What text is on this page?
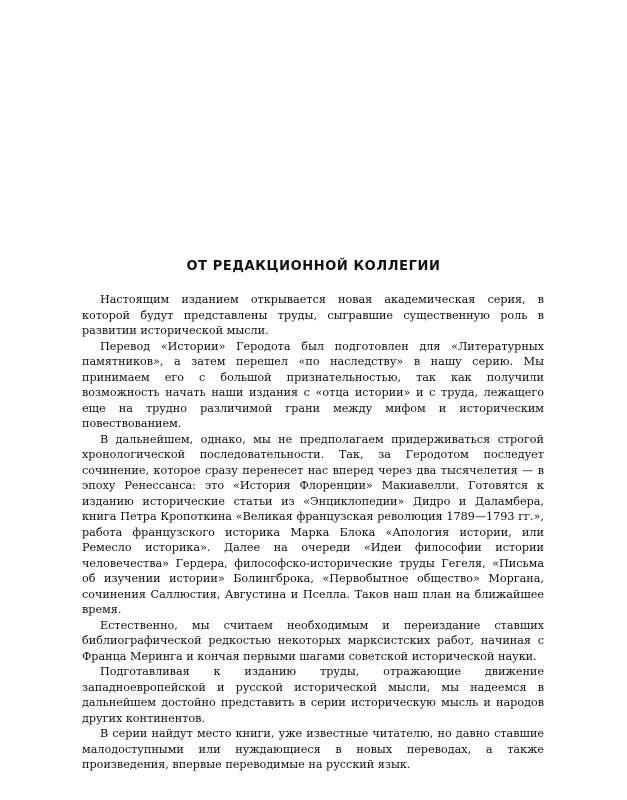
ОТ РЕДАКЦИОННОЙ КОЛЛЕГИИ

Настоящим изданием открывается новая академическая серия, в которой будут представлены труды, сыгравшие существенную роль в развитии исторической мысли.

Перевод «Истории» Геродота был подготовлен для «Литературных памятников», а затем перешел «по наследству» в нашу серию. Мы принимаем его с большой признательностью, так как получили возможность начать наши издания с «отца истории» и с труда, лежащего еще на трудно различимой грани между мифом и историческим повествованием.

В дальнейшем, однако, мы не предполагаем придерживаться строгой хронологической последовательности. Так, за Геродотом последует сочинение, которое сразу перенесет нас вперед через два тысячелетия — в эпоху Ренессанса: это «История Флоренции» Макиавелли. Готовятся к изданию исторические статьи из «Энциклопедии» Дидро и Даламбера, книга Петра Кропоткина «Великая французская революция 1789—1793 гг.», работа французского историка Марка Блока «Апология истории, или Ремесло историка». Далее на очереди «Идеи философии истории человечества» Гердера, философско-исторические труды Гегеля, «Письма об изучении истории» Болингброка, «Первобытное общество» Моргана, сочинения Саллюстия, Августина и Пселла. Таков наш план на ближайшее время.

Естественно, мы считаем необходимым и переиздание ставших библиографической редкостью некоторых марксистских работ, начиная с Франца Меринга и кончая первыми шагами советской исторической науки.

Подготавливая к изданию труды, отражающие движение западноевропейской и русской исторической мысли, мы надеемся в дальнейшем достойно представить в серии историческую мысль и народов других континентов.

В серии найдут место книги, уже известные читателю, но давно ставшие малодоступными или нуждающиеся в новых переводах, а также произведения, впервые переводимые на русский язык.
